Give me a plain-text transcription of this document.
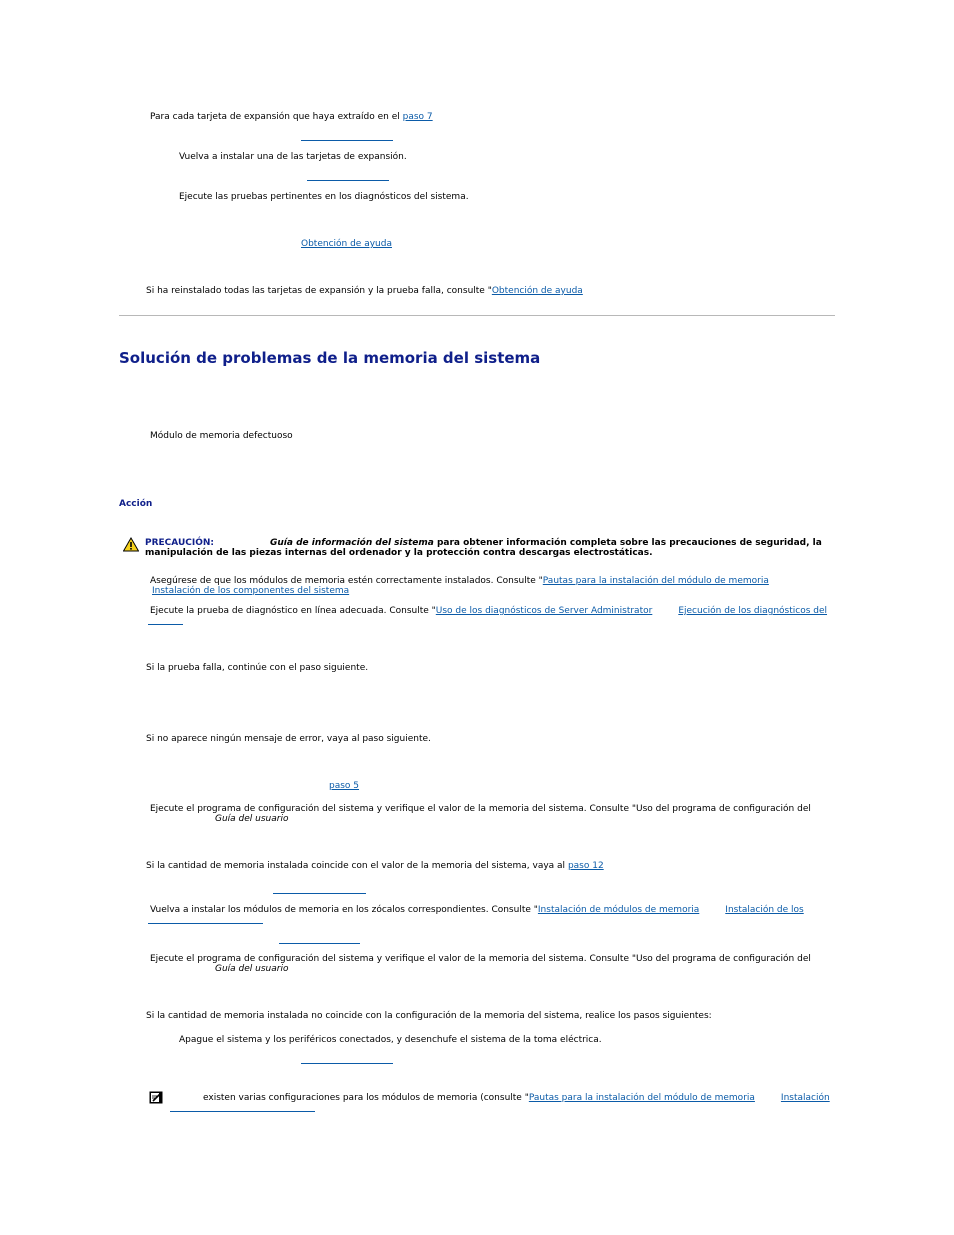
Para cada tarjeta de expansión que haya extraído en el paso 7
Vuelva a instalar una de las tarjetas de expansión.
Ejecute las pruebas pertinentes en los diagnósticos del sistema.
Obtención de ayuda
Si ha reinstalado todas las tarjetas de expansión y la prueba falla, consulte "Obtención de ayuda
Solución de problemas de la memoria del sistema
Módulo de memoria defectuoso
Acción
PRECAUCIÓN:	Guía de información del sistema para obtener información completa sobre las precauciones de seguridad, la
manipulación de las piezas internas del ordenador y la protección contra descargas electrostáticas.
Asegúrese de que los módulos de memoria estén correctamente instalados. Consulte "Pautas para la instalación del módulo de memoria
Instalación de los componentes del sistema
Ejecute la prueba de diagnóstico en línea adecuada. Consulte "Uso de los diagnósticos de Server Administrator	Ejecución de los diagnósticos del
Si la prueba falla, continúe con el paso siguiente.
Si no aparece ningún mensaje de error, vaya al paso siguiente.
paso 5
Ejecute el programa de configuración del sistema y verifique el valor de la memoria del sistema. Consulte "Uso del programa de configuración del
Guía del usuario
Si la cantidad de memoria instalada coincide con el valor de la memoria del sistema, vaya al paso 12
Vuelva a instalar los módulos de memoria en los zócalos correspondientes. Consulte "Instalación de módulos de memoria	Instalación de los
Ejecute el programa de configuración del sistema y verifique el valor de la memoria del sistema. Consulte "Uso del programa de configuración del
Guía del usuario
Si la cantidad de memoria instalada no coincide con la configuración de la memoria del sistema, realice los pasos siguientes:
Apague el sistema y los periféricos conectados, y desenchufe el sistema de la toma eléctrica.
existen varias configuraciones para los módulos de memoria (consulte "Pautas para la instalación del módulo de memoria	Instalación
